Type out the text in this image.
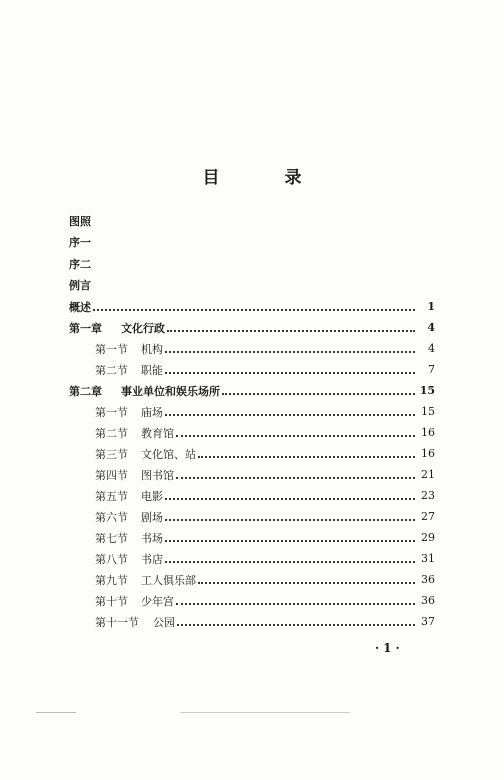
目　录
图照
序一
序二
例言
概述	1
第一章	文化行政	4
第一节	机构	4
第二节	职能	7
第二章	事业单位和娱乐场所	15
第一节	庙场	15
第二节	教育馆	16
第三节	文化馆、站	16
第四节	图书馆	21
第五节	电影	23
第六节	剧场	27
第七节	书场	29
第八节	书店	31
第九节	工人俱乐部	36
第十节	少年宫	36
第十一节	公园	37
·1·
